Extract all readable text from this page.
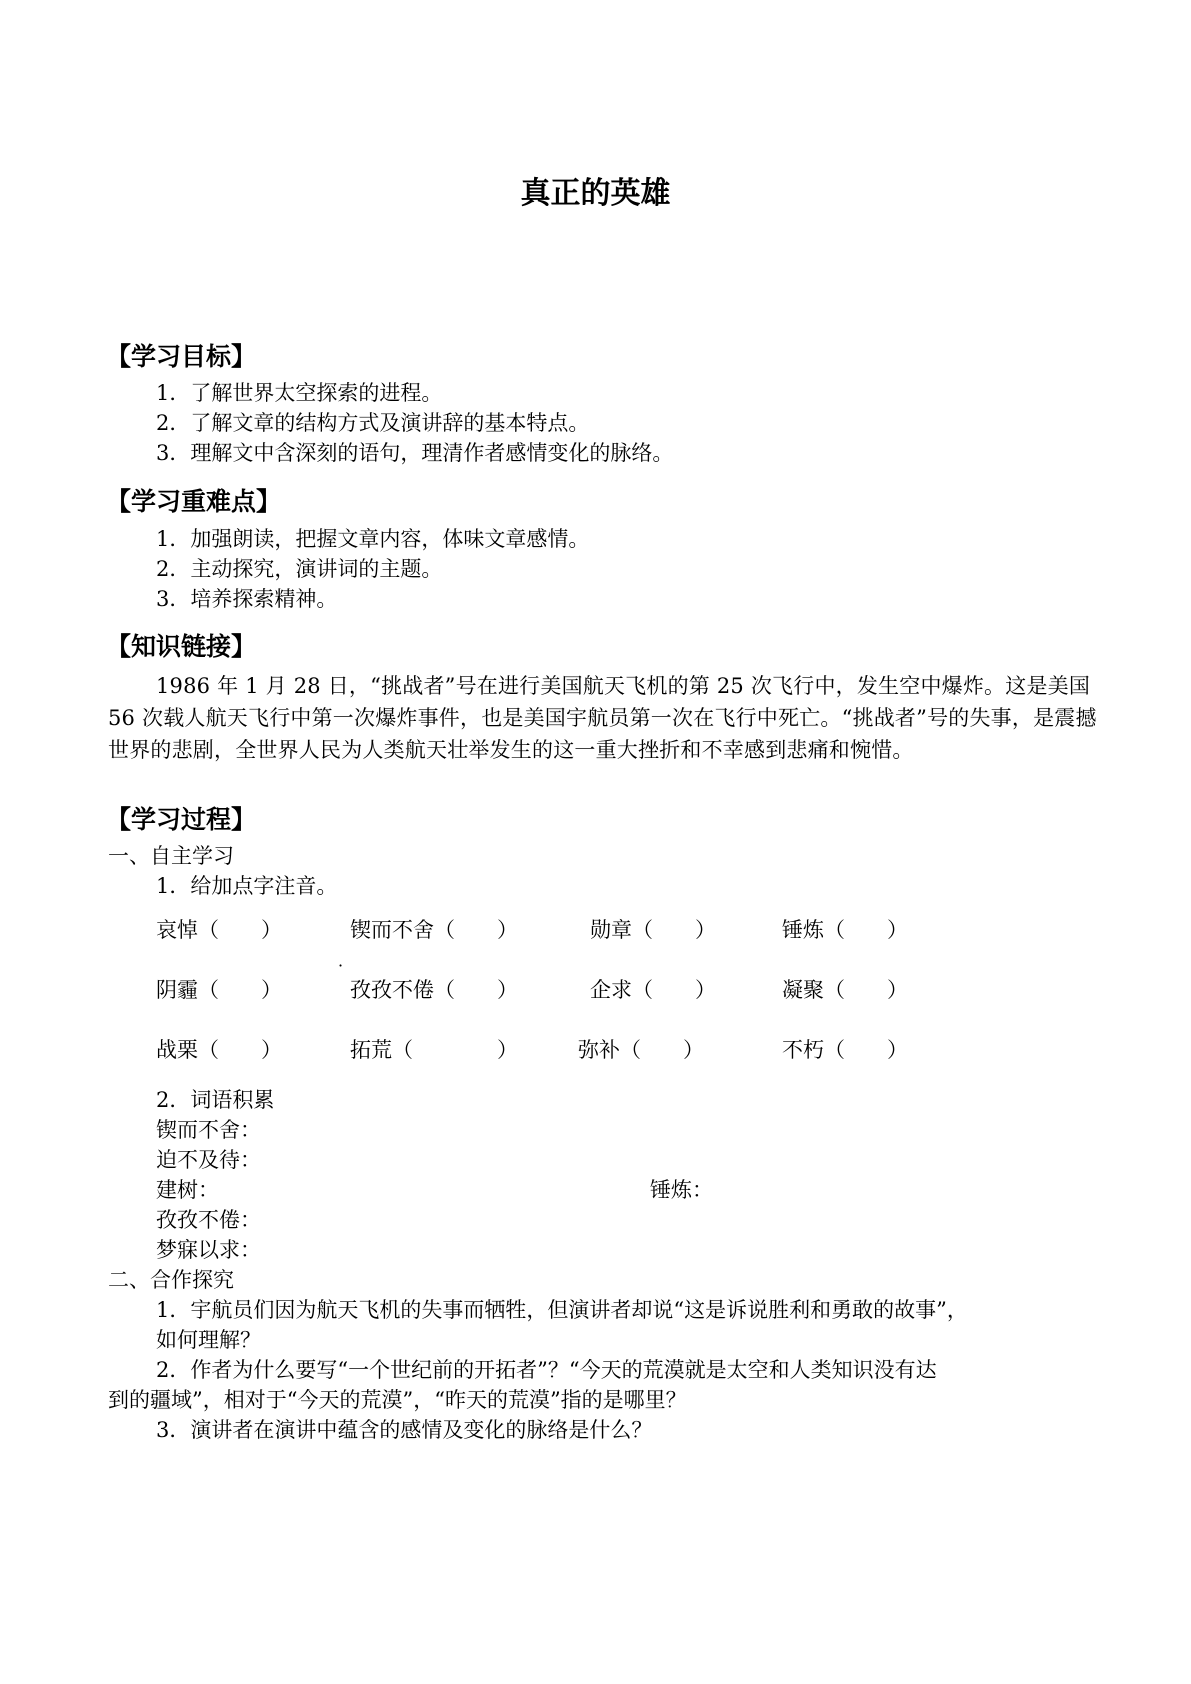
真正的英雄
【学习目标】
1．了解世界太空探索的进程。
2．了解文章的结构方式及演讲辞的基本特点。
3．理解文中含深刻的语句，理清作者感情变化的脉络。
【学习重难点】
1．加强朗读，把握文章内容，体味文章感情。
2．主动探究，演讲词的主题。
3．培养探索精神。
【知识链接】
1986 年 1 月 28 日，“挑战者”号在进行美国航天飞机的第 25 次飞行中，发生空中爆炸。这是美国 56 次载人航天飞行中第一次爆炸事件，也是美国宇航员第一次在飞行中死亡。“挑战者”号的失事，是震撼世界的悲剧，全世界人民为人类航天壮举发生的这一重大挫折和不幸感到悲痛和惋惜。
【学习过程】
一、自主学习
1．给加点字注音。
哀悼（　　）	锲而不舍（　　）	勋章（　　）	锤炼（　　）
·
阴霾（　　）	孜孜不倦（　　）	企求（　　）	凝聚（　　）
战栗（　　）	拓荒（　　　　）	弥补（　　）	不朽（　　）
2．词语积累
锲而不舍：
迫不及待：
建树：	锤炼：
孜孜不倦：
梦寐以求：
二、合作探究
1．宇航员们因为航天飞机的失事而牺牲，但演讲者却说“这是诉说胜利和勇敢的故事”，
如何理解？
2．作者为什么要写“一个世纪前的开拓者”？“今天的荒漠就是太空和人类知识没有达
到的疆域”，相对于“今天的荒漠”，“昨天的荒漠”指的是哪里？
3．演讲者在演讲中蕴含的感情及变化的脉络是什么？
